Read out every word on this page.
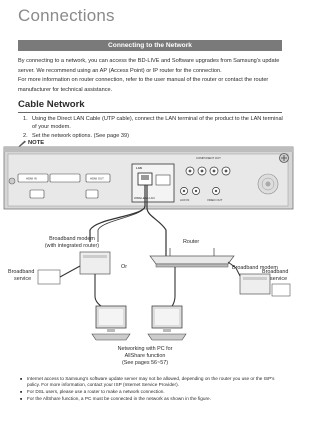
Connections
Connecting to the Network
By connecting to a network, you can access the BD-LIVE and Software upgrades from Samsung's update server. We recommend using an AP (Access Point) or IP router for the connection.
For more information on router connection, refer to the user manual of the router or contact the router manufacturer for technical assistance.
Cable Network
1. Using the Direct LAN Cable (UTP cable), connect the LAN terminal of the product to the LAN terminal of your modem.
2. Set the network options. (See page 39)
NOTE
HDMI IN	HDMI OUT
LAN
WIRELESS LAN
COMPONENT OUT
AUX IN	VIDEO OUT
Router
Broadband modem
(with integrated router)
Or	Broadband modem
Broadband
service
Broadband
service
Networking with PC for
AllShare function
(See pages 56~57)
■ Internet access to Samsung's software update server may not be allowed, depending on the router you use or the ISP's policy. For more information, contact your ISP (Internet Service Provider).
■ For DSL users, please use a router to make a network connection.
■ For the AllShare function, a PC must be connected in the network as shown in the figure.
